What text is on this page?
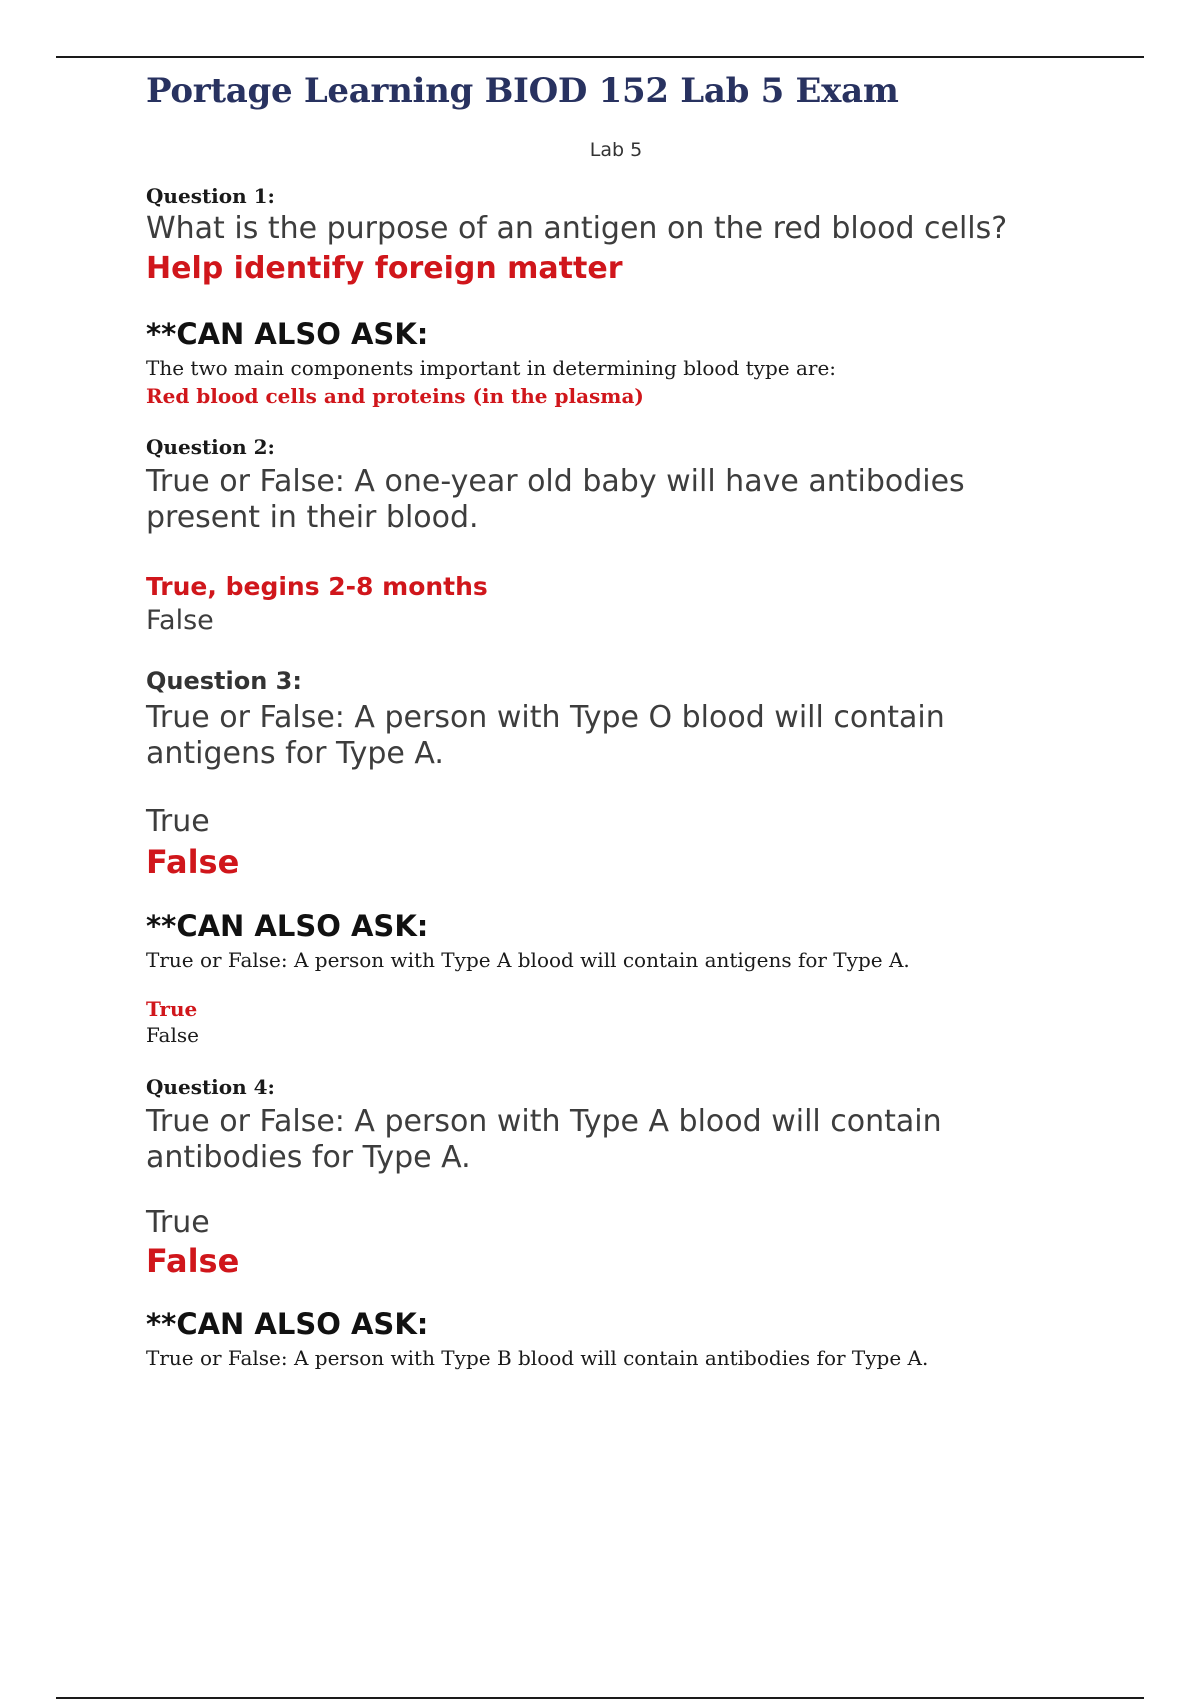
Portage Learning BIOD 152 Lab 5 Exam
Lab 5
Question 1:
What is the purpose of an antigen on the red blood cells?
Help identify foreign matter
**CAN ALSO ASK:
The two main components important in determining blood type are:
Red blood cells and proteins (in the plasma)
Question 2:
True or False: A one-year old baby will have antibodies present in their blood.
True, begins 2-8 months
False
Question 3:
True or False: A person with Type O blood will contain antigens for Type A.
True
False
**CAN ALSO ASK:
True or False: A person with Type A blood will contain antigens for Type A.
True
False
Question 4:
True or False: A person with Type A blood will contain antibodies for Type A.
True
False
**CAN ALSO ASK:
True or False: A person with Type B blood will contain antibodies for Type A.
